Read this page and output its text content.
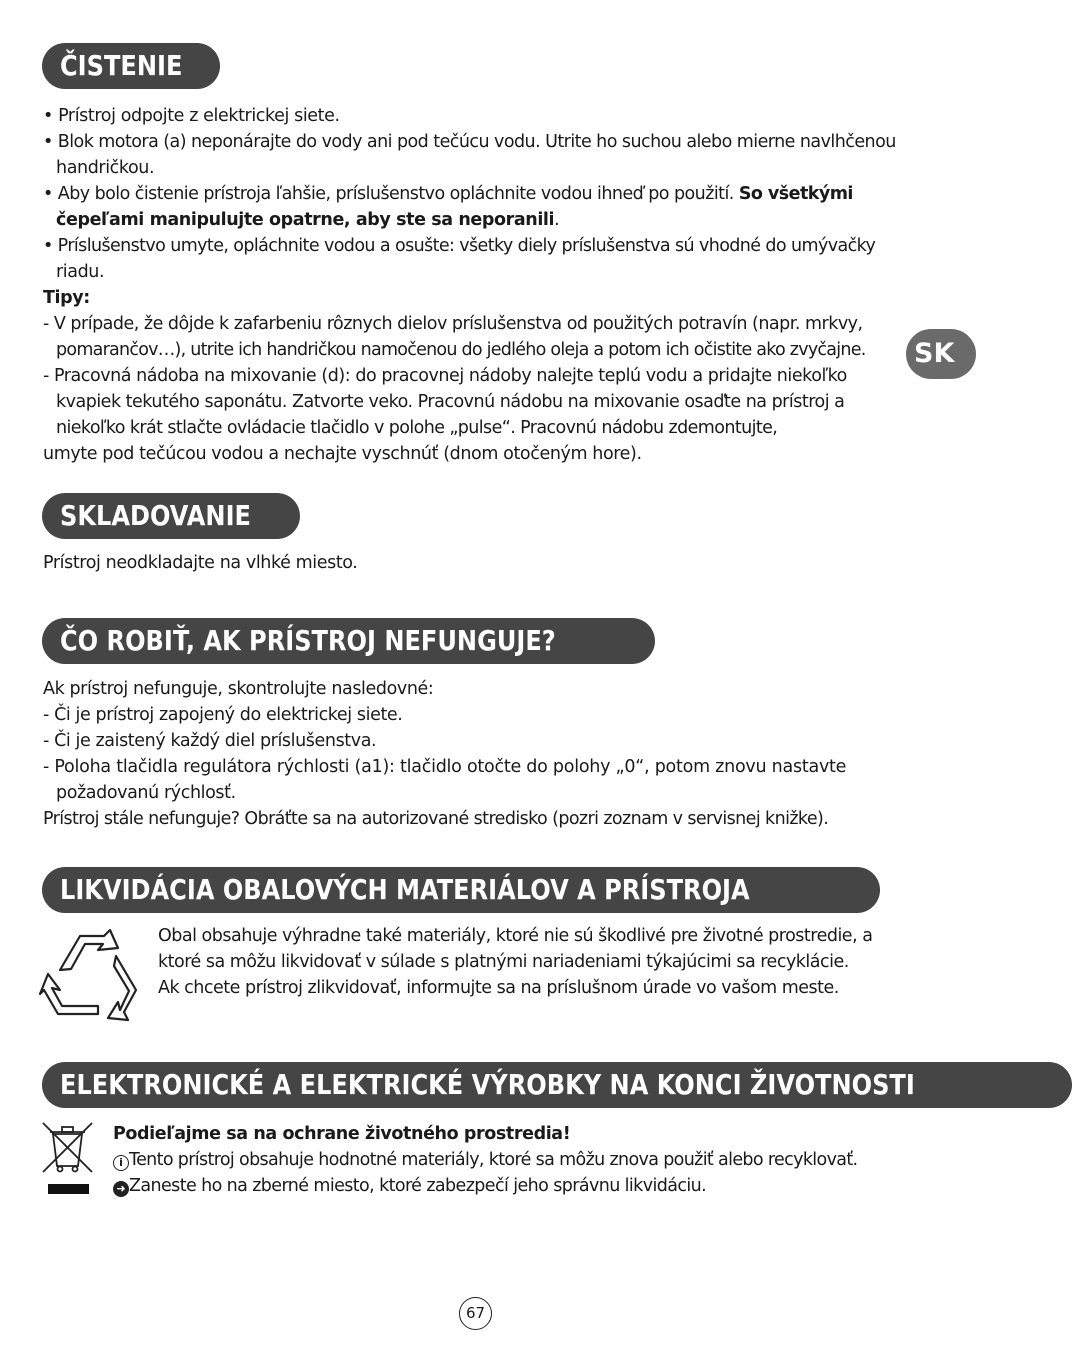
ČISTENIE
• Prístroj odpojte z elektrickej siete.
• Blok motora (a) neponárajte do vody ani pod tečúcu vodu. Utrite ho suchou alebo mierne navlhčenou
handričkou.
• Aby bolo čistenie prístroja ľahšie, príslušenstvo opláchnite vodou ihneď po použití. So všetkými
čepeľami manipulujte opatrne, aby ste sa neporanili.
• Príslušenstvo umyte, opláchnite vodou a osušte: všetky diely príslušenstva sú vhodné do umývačky
riadu.
Tipy:
- V prípade, že dôjde k zafarbeniu rôznych dielov príslušenstva od použitých potravín (napr. mrkvy,
pomarančov…), utrite ich handričkou namočenou do jedlého oleja a potom ich očistite ako zvyčajne.
- Pracovná nádoba na mixovanie (d): do pracovnej nádoby nalejte teplú vodu a pridajte niekoľko
kvapiek tekutého saponátu. Zatvorte veko. Pracovnú nádobu na mixovanie osaďte na prístroj a
niekoľko krát stlačte ovládacie tlačidlo v polohe „pulse“. Pracovnú nádobu zdemontujte,
umyte pod tečúcou vodou a nechajte vyschnúť (dnom otočeným hore).
SK
SKLADOVANIE
Prístroj neodkladajte na vlhké miesto.
ČO ROBIŤ, AK PRÍSTROJ NEFUNGUJE?
Ak prístroj nefunguje, skontrolujte nasledovné:
- Či je prístroj zapojený do elektrickej siete.
- Či je zaistený každý diel príslušenstva.
- Poloha tlačidla regulátora rýchlosti (a1): tlačidlo otočte do polohy „0“, potom znovu nastavte
požadovanú rýchlosť.
Prístroj stále nefunguje? Obráťte sa na autorizované stredisko (pozri zoznam v servisnej knižke).
LIKVIDÁCIA OBALOVÝCH MATERIÁLOV A PRÍSTROJA
Obal obsahuje výhradne také materiály, ktoré nie sú škodlivé pre životné prostredie, a
ktoré sa môžu likvidovať v súlade s platnými nariadeniami týkajúcimi sa recyklácie.
Ak chcete prístroj zlikvidovať, informujte sa na príslušnom úrade vo vašom meste.
ELEKTRONICKÉ A ELEKTRICKÉ VÝROBKY NA KONCI ŽIVOTNOSTI
Podieľajme sa na ochrane životného prostredia!
i Tento prístroj obsahuje hodnotné materiály, ktoré sa môžu znova použiť alebo recyklovať.
➜ Zaneste ho na zberné miesto, ktoré zabezpečí jeho správnu likvidáciu.
67
